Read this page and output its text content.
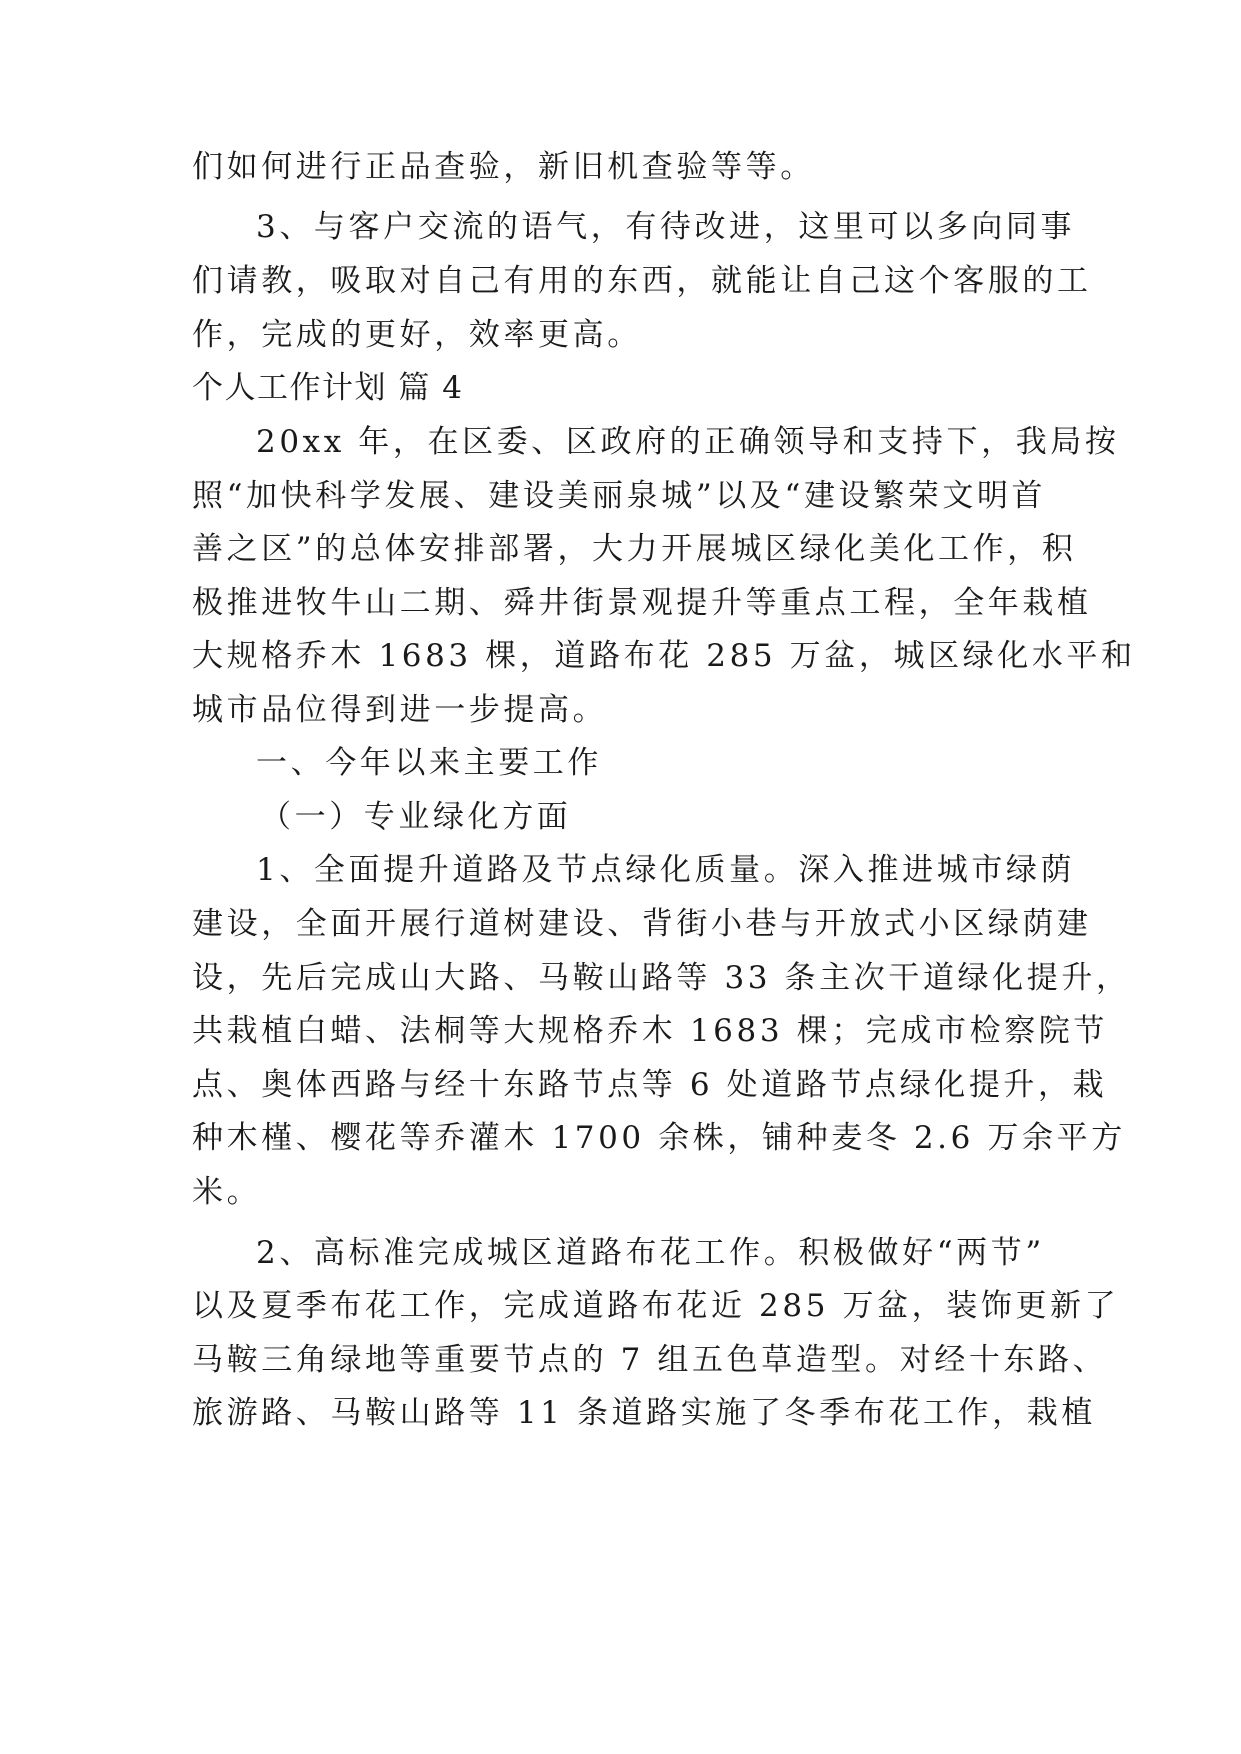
们如何进行正品查验，新旧机查验等等。

3、与客户交流的语气，有待改进，这里可以多向同事

们请教，吸取对自己有用的东西，就能让自己这个客服的工

作，完成的更好，效率更高。

个人工作计划 篇 4

20xx 年，在区委、区政府的正确领导和支持下，我局按

照“加快科学发展、建设美丽泉城”以及“建设繁荣文明首

善之区”的总体安排部署，大力开展城区绿化美化工作，积

极推进牧牛山二期、舜井街景观提升等重点工程，全年栽植

大规格乔木 1683 棵，道路布花 285 万盆，城区绿化水平和

城市品位得到进一步提高。

一、今年以来主要工作

（一）专业绿化方面

1、全面提升道路及节点绿化质量。深入推进城市绿荫

建设，全面开展行道树建设、背街小巷与开放式小区绿荫建

设，先后完成山大路、马鞍山路等 33 条主次干道绿化提升，

共栽植白蜡、法桐等大规格乔木 1683 棵；完成市检察院节

点、奥体西路与经十东路节点等 6 处道路节点绿化提升，栽

种木槿、樱花等乔灌木 1700 余株，铺种麦冬 2.6 万余平方

米。

2、高标准完成城区道路布花工作。积极做好“两节”

以及夏季布花工作，完成道路布花近 285 万盆，装饰更新了

马鞍三角绿地等重要节点的 7 组五色草造型。对经十东路、

旅游路、马鞍山路等 11 条道路实施了冬季布花工作，栽植
